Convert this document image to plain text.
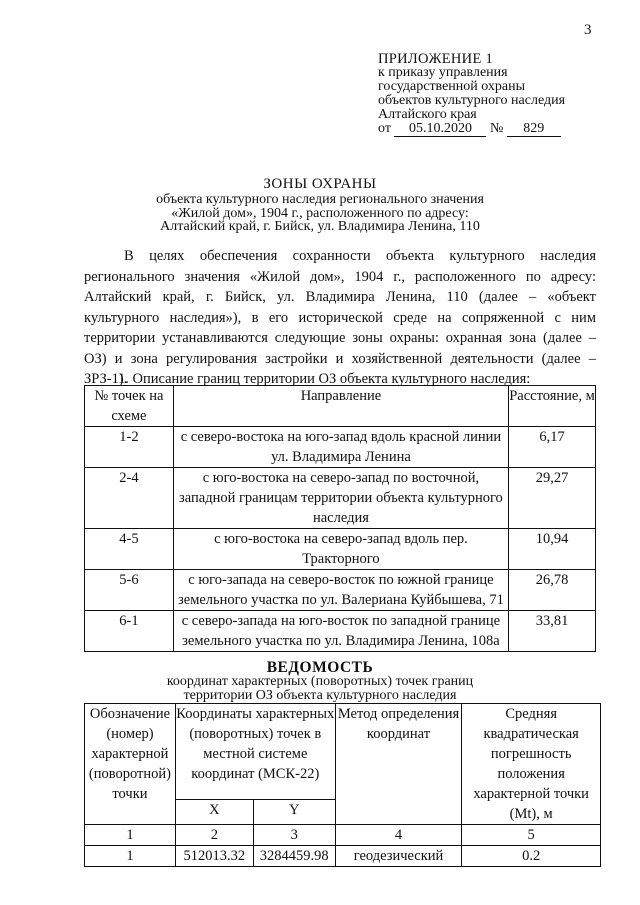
3
ПРИЛОЖЕНИЕ 1
к приказу управления
государственной охраны
объектов культурного наследия
Алтайского края
от 05.10.2020 № 829
ЗОНЫ ОХРАНЫ
объекта культурного наследия регионального значения
«Жилой дом», 1904 г., расположенного по адресу:
Алтайский край, г. Бийск, ул. Владимира Ленина, 110
В целях обеспечения сохранности объекта культурного наследия регионального значения «Жилой дом», 1904 г., расположенного по адресу: Алтайский край, г. Бийск, ул. Владимира Ленина, 110 (далее – «объект культурного наследия»), в его исторической среде на сопряженной с ним территории устанавливаются следующие зоны охраны: охранная зона (далее – ОЗ) и зона регулирования застройки и хозяйственной деятельности (далее – ЗРЗ-1).
1. Описание границ территории ОЗ объекта культурного наследия:
№ точек на схеме	Направление	Расстояние, м
1-2	с северо-востока на юго-запад вдоль красной линии ул. Владимира Ленина	6,17
2-4	с юго-востока на северо-запад по восточной, западной границам территории объекта культурного наследия	29,27
4-5	с юго-востока на северо-запад вдоль пер. Тракторного	10,94
5-6	с юго-запада на северо-восток по южной границе земельного участка по ул. Валериана Куйбышева, 71	26,78
6-1	с северо-запада на юго-восток по западной границе земельного участка по ул. Владимира Ленина, 108а	33,81
ВЕДОМОСТЬ
координат характерных (поворотных) точек границ
территории ОЗ объекта культурного наследия
Обозначение (номер) характерной (поворотной) точки	Координаты характерных (поворотных) точек в местной системе координат (МСК-22)		Метод определения координат	Средняя квадратическая погрешность положения характерной точки (Mt), м
	X	Y		
1	2	3	4	5
1	512013.32	3284459.98	геодезический	0.2
